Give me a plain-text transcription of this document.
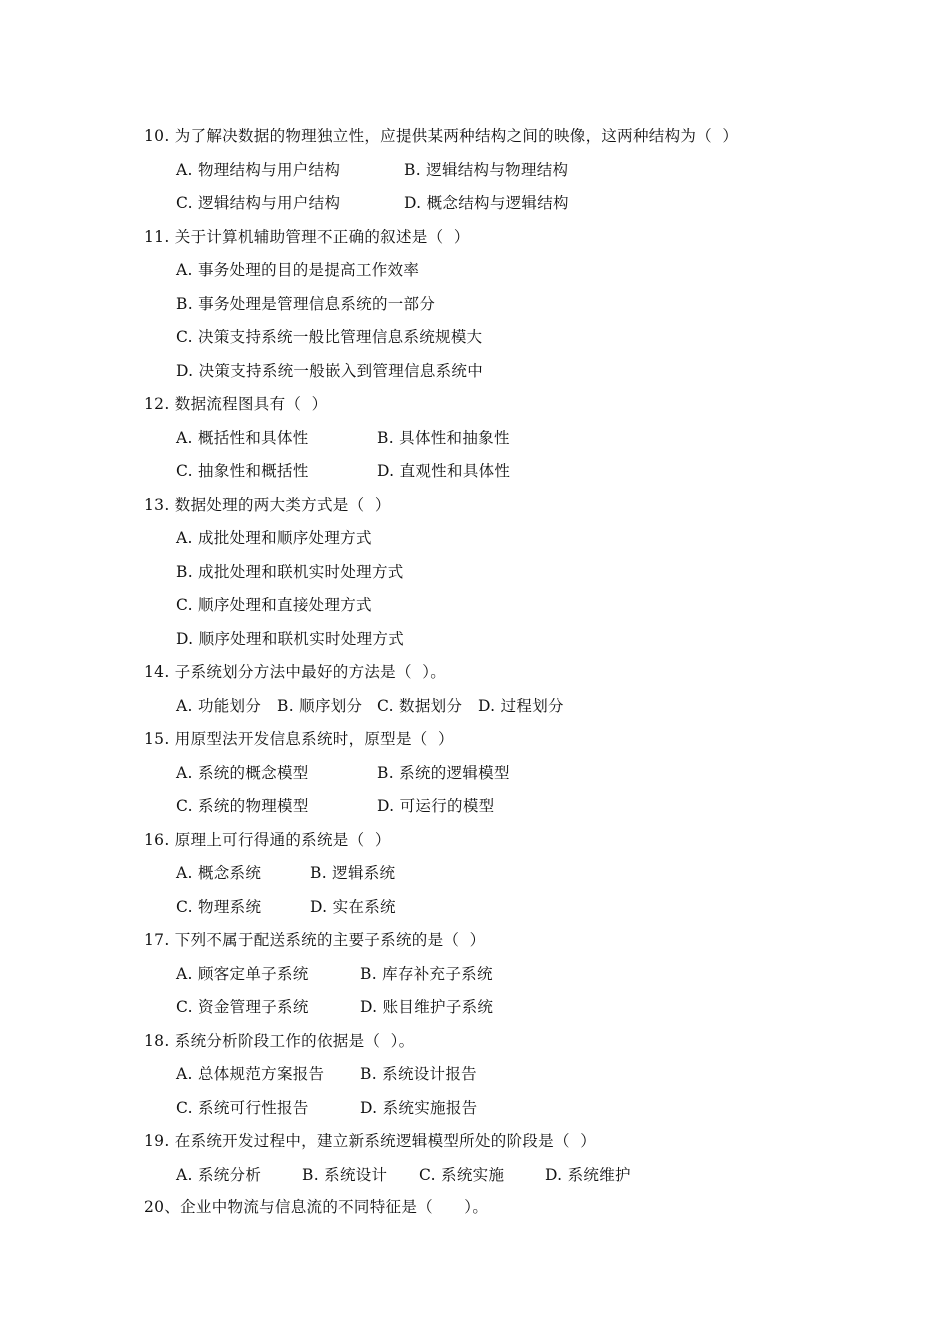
10. 为了解决数据的物理独立性，应提供某两种结构之间的映像，这两种结构为（  ）
A. 物理结构与用户结构	B. 逻辑结构与物理结构
C. 逻辑结构与用户结构	D. 概念结构与逻辑结构
11. 关于计算机辅助管理不正确的叙述是（  ）
A. 事务处理的目的是提高工作效率
B. 事务处理是管理信息系统的一部分
C. 决策支持系统一般比管理信息系统规模大
D. 决策支持系统一般嵌入到管理信息系统中
12. 数据流程图具有（  ）
A. 概括性和具体性	B. 具体性和抽象性
C. 抽象性和概括性	D. 直观性和具体性
13. 数据处理的两大类方式是（  ）
A. 成批处理和顺序处理方式
B. 成批处理和联机实时处理方式
C. 顺序处理和直接处理方式
D. 顺序处理和联机实时处理方式
14. 子系统划分方法中最好的方法是（  ）。
A. 功能划分 B. 顺序划分 C. 数据划分 D. 过程划分
15. 用原型法开发信息系统时，原型是（  ）
A. 系统的概念模型	B. 系统的逻辑模型
C. 系统的物理模型	D. 可运行的模型
16. 原理上可行得通的系统是（  ）
A. 概念系统	B. 逻辑系统
C. 物理系统	D. 实在系统
17. 下列不属于配送系统的主要子系统的是（  ）
A. 顾客定单子系统	B. 库存补充子系统
C. 资金管理子系统	D. 账目维护子系统
18. 系统分析阶段工作的依据是（  ）。
A. 总体规范方案报告 B. 系统设计报告
C. 系统可行性报告	D. 系统实施报告
19. 在系统开发过程中，建立新系统逻辑模型所处的阶段是（  ）
A. 系统分析	B. 系统设计 C. 系统实施	D. 系统维护
20、企业中物流与信息流的不同特征是（      ）。
